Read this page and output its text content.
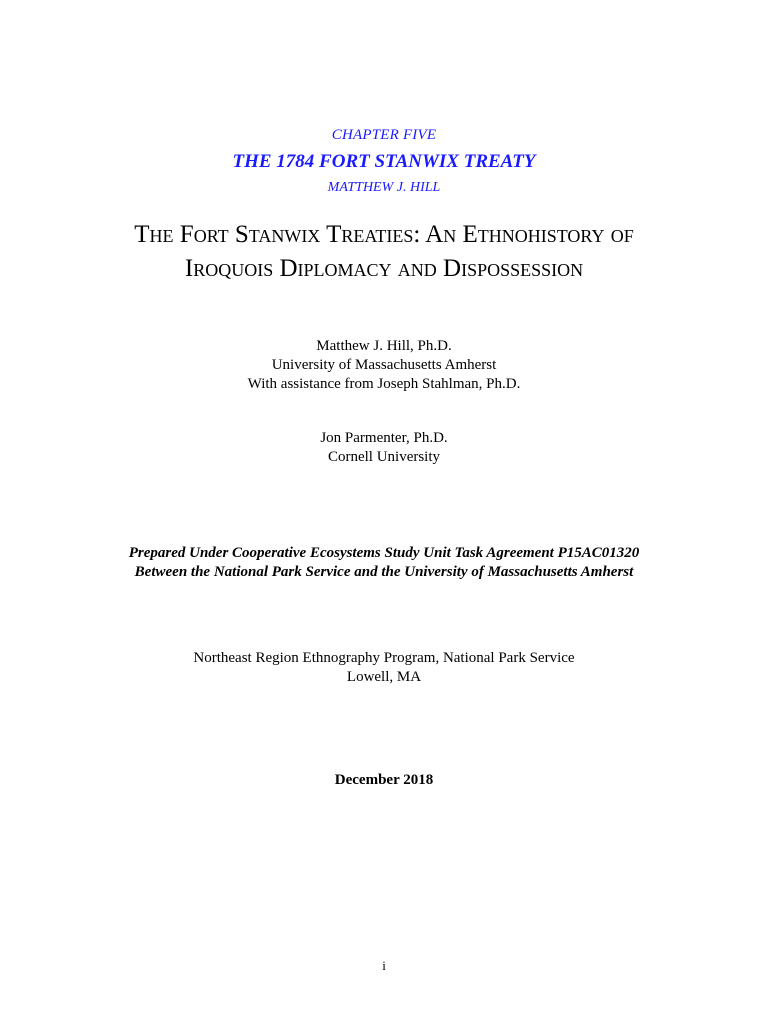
CHAPTER FIVE
THE 1784 FORT STANWIX TREATY
MATTHEW J. HILL
The Fort Stanwix Treaties: An Ethnohistory of
Iroquois Diplomacy and Dispossession
Matthew J. Hill, Ph.D.
University of Massachusetts Amherst
With assistance from Joseph Stahlman, Ph.D.
Jon Parmenter, Ph.D.
Cornell University
Prepared Under Cooperative Ecosystems Study Unit Task Agreement P15AC01320
Between the National Park Service and the University of Massachusetts Amherst
Northeast Region Ethnography Program, National Park Service
Lowell, MA
December 2018
i
